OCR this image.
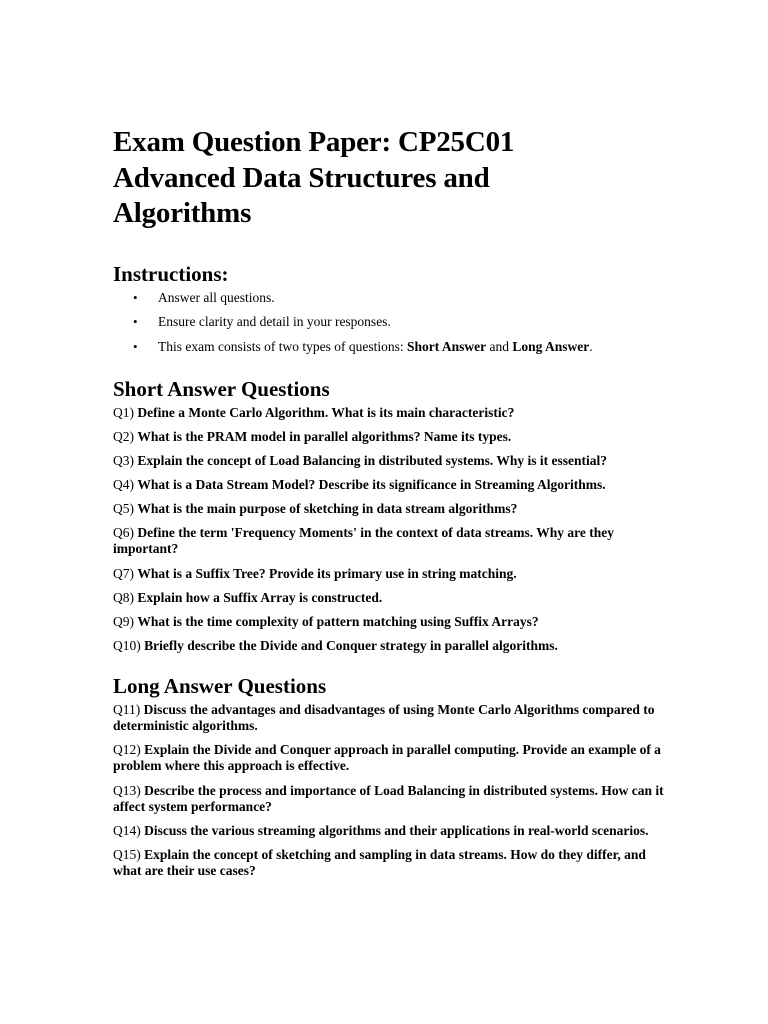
Exam Question Paper: CP25C01
Advanced Data Structures and
Algorithms
Instructions:
• Answer all questions.
• Ensure clarity and detail in your responses.
• This exam consists of two types of questions: Short Answer and Long Answer.
Short Answer Questions

Q1) Define a Monte Carlo Algorithm. What is its main characteristic?

Q2) What is the PRAM model in parallel algorithms? Name its types.

Q3) Explain the concept of Load Balancing in distributed systems. Why is it essential?

Q4) What is a Data Stream Model? Describe its significance in Streaming Algorithms.

Q5) What is the main purpose of sketching in data stream algorithms?

Q6) Define the term 'Frequency Moments' in the context of data streams. Why are they important?

Q7) What is a Suffix Tree? Provide its primary use in string matching.

Q8) Explain how a Suffix Array is constructed.

Q9) What is the time complexity of pattern matching using Suffix Arrays?

Q10) Briefly describe the Divide and Conquer strategy in parallel algorithms.

Long Answer Questions

Q11) Discuss the advantages and disadvantages of using Monte Carlo Algorithms compared to deterministic algorithms.

Q12) Explain the Divide and Conquer approach in parallel computing. Provide an example of a problem where this approach is effective.

Q13) Describe the process and importance of Load Balancing in distributed systems. How can it affect system performance?

Q14) Discuss the various streaming algorithms and their applications in real-world scenarios.

Q15) Explain the concept of sketching and sampling in data streams. How do they differ, and what are their use cases?
